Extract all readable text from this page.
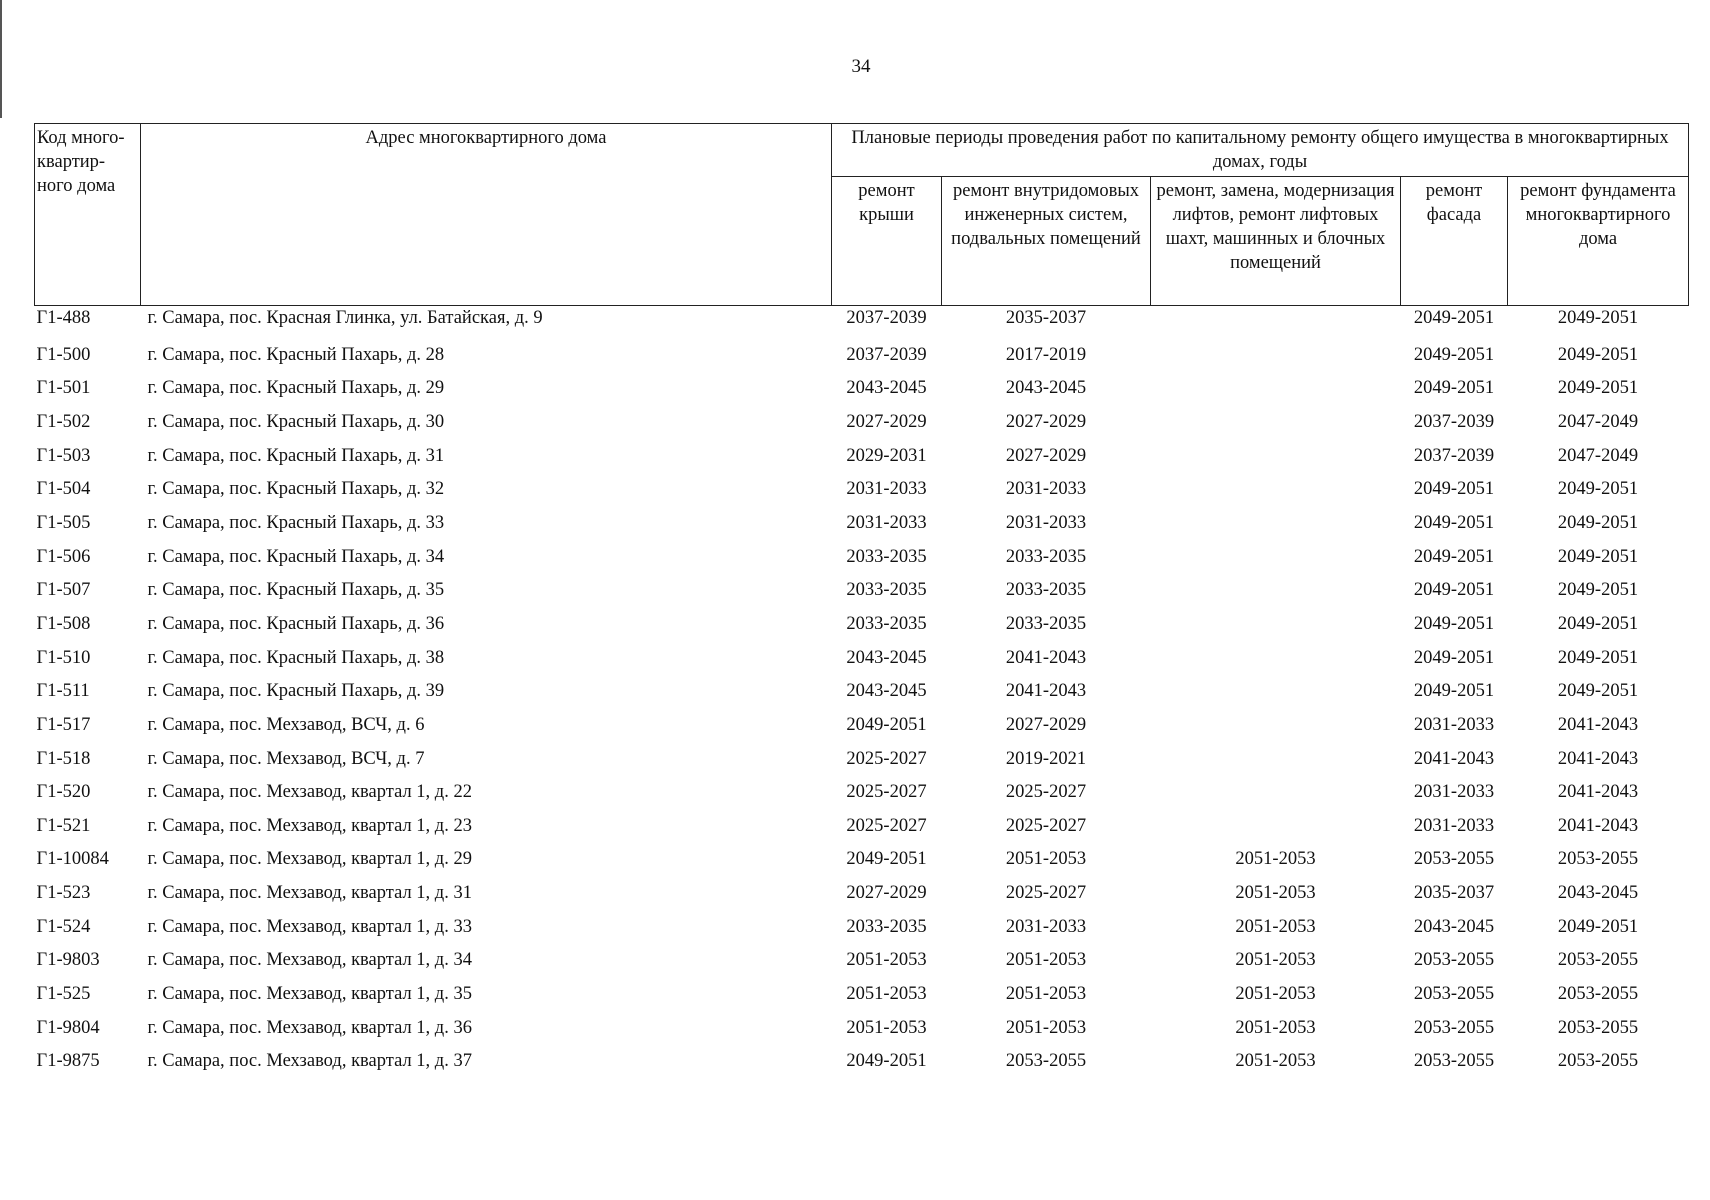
34
Код много-квартир-ного дома	Адрес многоквартирного дома	Плановые периоды проведения работ по капитальному ремонту общего имущества в многоквартирных домах, годы				
		ремонт крыши	ремонт внутридомовых инженерных систем, подвальных помещений	ремонт, замена, модернизация лифтов, ремонт лифтовых шахт, машинных и блочных помещений	ремонт фасада	ремонт фундамента многоквартирного дома
Г1-488	г. Самара, пос. Красная Глинка, ул. Батайская, д. 9	2037-2039	2035-2037		2049-2051	2049-2051
Г1-500	г. Самара, пос. Красный Пахарь, д. 28	2037-2039	2017-2019		2049-2051	2049-2051
Г1-501	г. Самара, пос. Красный Пахарь, д. 29	2043-2045	2043-2045		2049-2051	2049-2051
Г1-502	г. Самара, пос. Красный Пахарь, д. 30	2027-2029	2027-2029		2037-2039	2047-2049
Г1-503	г. Самара, пос. Красный Пахарь, д. 31	2029-2031	2027-2029		2037-2039	2047-2049
Г1-504	г. Самара, пос. Красный Пахарь, д. 32	2031-2033	2031-2033		2049-2051	2049-2051
Г1-505	г. Самара, пос. Красный Пахарь, д. 33	2031-2033	2031-2033		2049-2051	2049-2051
Г1-506	г. Самара, пос. Красный Пахарь, д. 34	2033-2035	2033-2035		2049-2051	2049-2051
Г1-507	г. Самара, пос. Красный Пахарь, д. 35	2033-2035	2033-2035		2049-2051	2049-2051
Г1-508	г. Самара, пос. Красный Пахарь, д. 36	2033-2035	2033-2035		2049-2051	2049-2051
Г1-510	г. Самара, пос. Красный Пахарь, д. 38	2043-2045	2041-2043		2049-2051	2049-2051
Г1-511	г. Самара, пос. Красный Пахарь, д. 39	2043-2045	2041-2043		2049-2051	2049-2051
Г1-517	г. Самара, пос. Мехзавод, ВСЧ, д. 6	2049-2051	2027-2029		2031-2033	2041-2043
Г1-518	г. Самара, пос. Мехзавод, ВСЧ, д. 7	2025-2027	2019-2021		2041-2043	2041-2043
Г1-520	г. Самара, пос. Мехзавод, квартал 1, д. 22	2025-2027	2025-2027		2031-2033	2041-2043
Г1-521	г. Самара, пос. Мехзавод, квартал 1, д. 23	2025-2027	2025-2027		2031-2033	2041-2043
Г1-10084	г. Самара, пос. Мехзавод, квартал 1, д. 29	2049-2051	2051-2053	2051-2053	2053-2055	2053-2055
Г1-523	г. Самара, пос. Мехзавод, квартал 1, д. 31	2027-2029	2025-2027	2051-2053	2035-2037	2043-2045
Г1-524	г. Самара, пос. Мехзавод, квартал 1, д. 33	2033-2035	2031-2033	2051-2053	2043-2045	2049-2051
Г1-9803	г. Самара, пос. Мехзавод, квартал 1, д. 34	2051-2053	2051-2053	2051-2053	2053-2055	2053-2055
Г1-525	г. Самара, пос. Мехзавод, квартал 1, д. 35	2051-2053	2051-2053	2051-2053	2053-2055	2053-2055
Г1-9804	г. Самара, пос. Мехзавод, квартал 1, д. 36	2051-2053	2051-2053	2051-2053	2053-2055	2053-2055
Г1-9875	г. Самара, пос. Мехзавод, квартал 1, д. 37	2049-2051	2053-2055	2051-2053	2053-2055	2053-2055
